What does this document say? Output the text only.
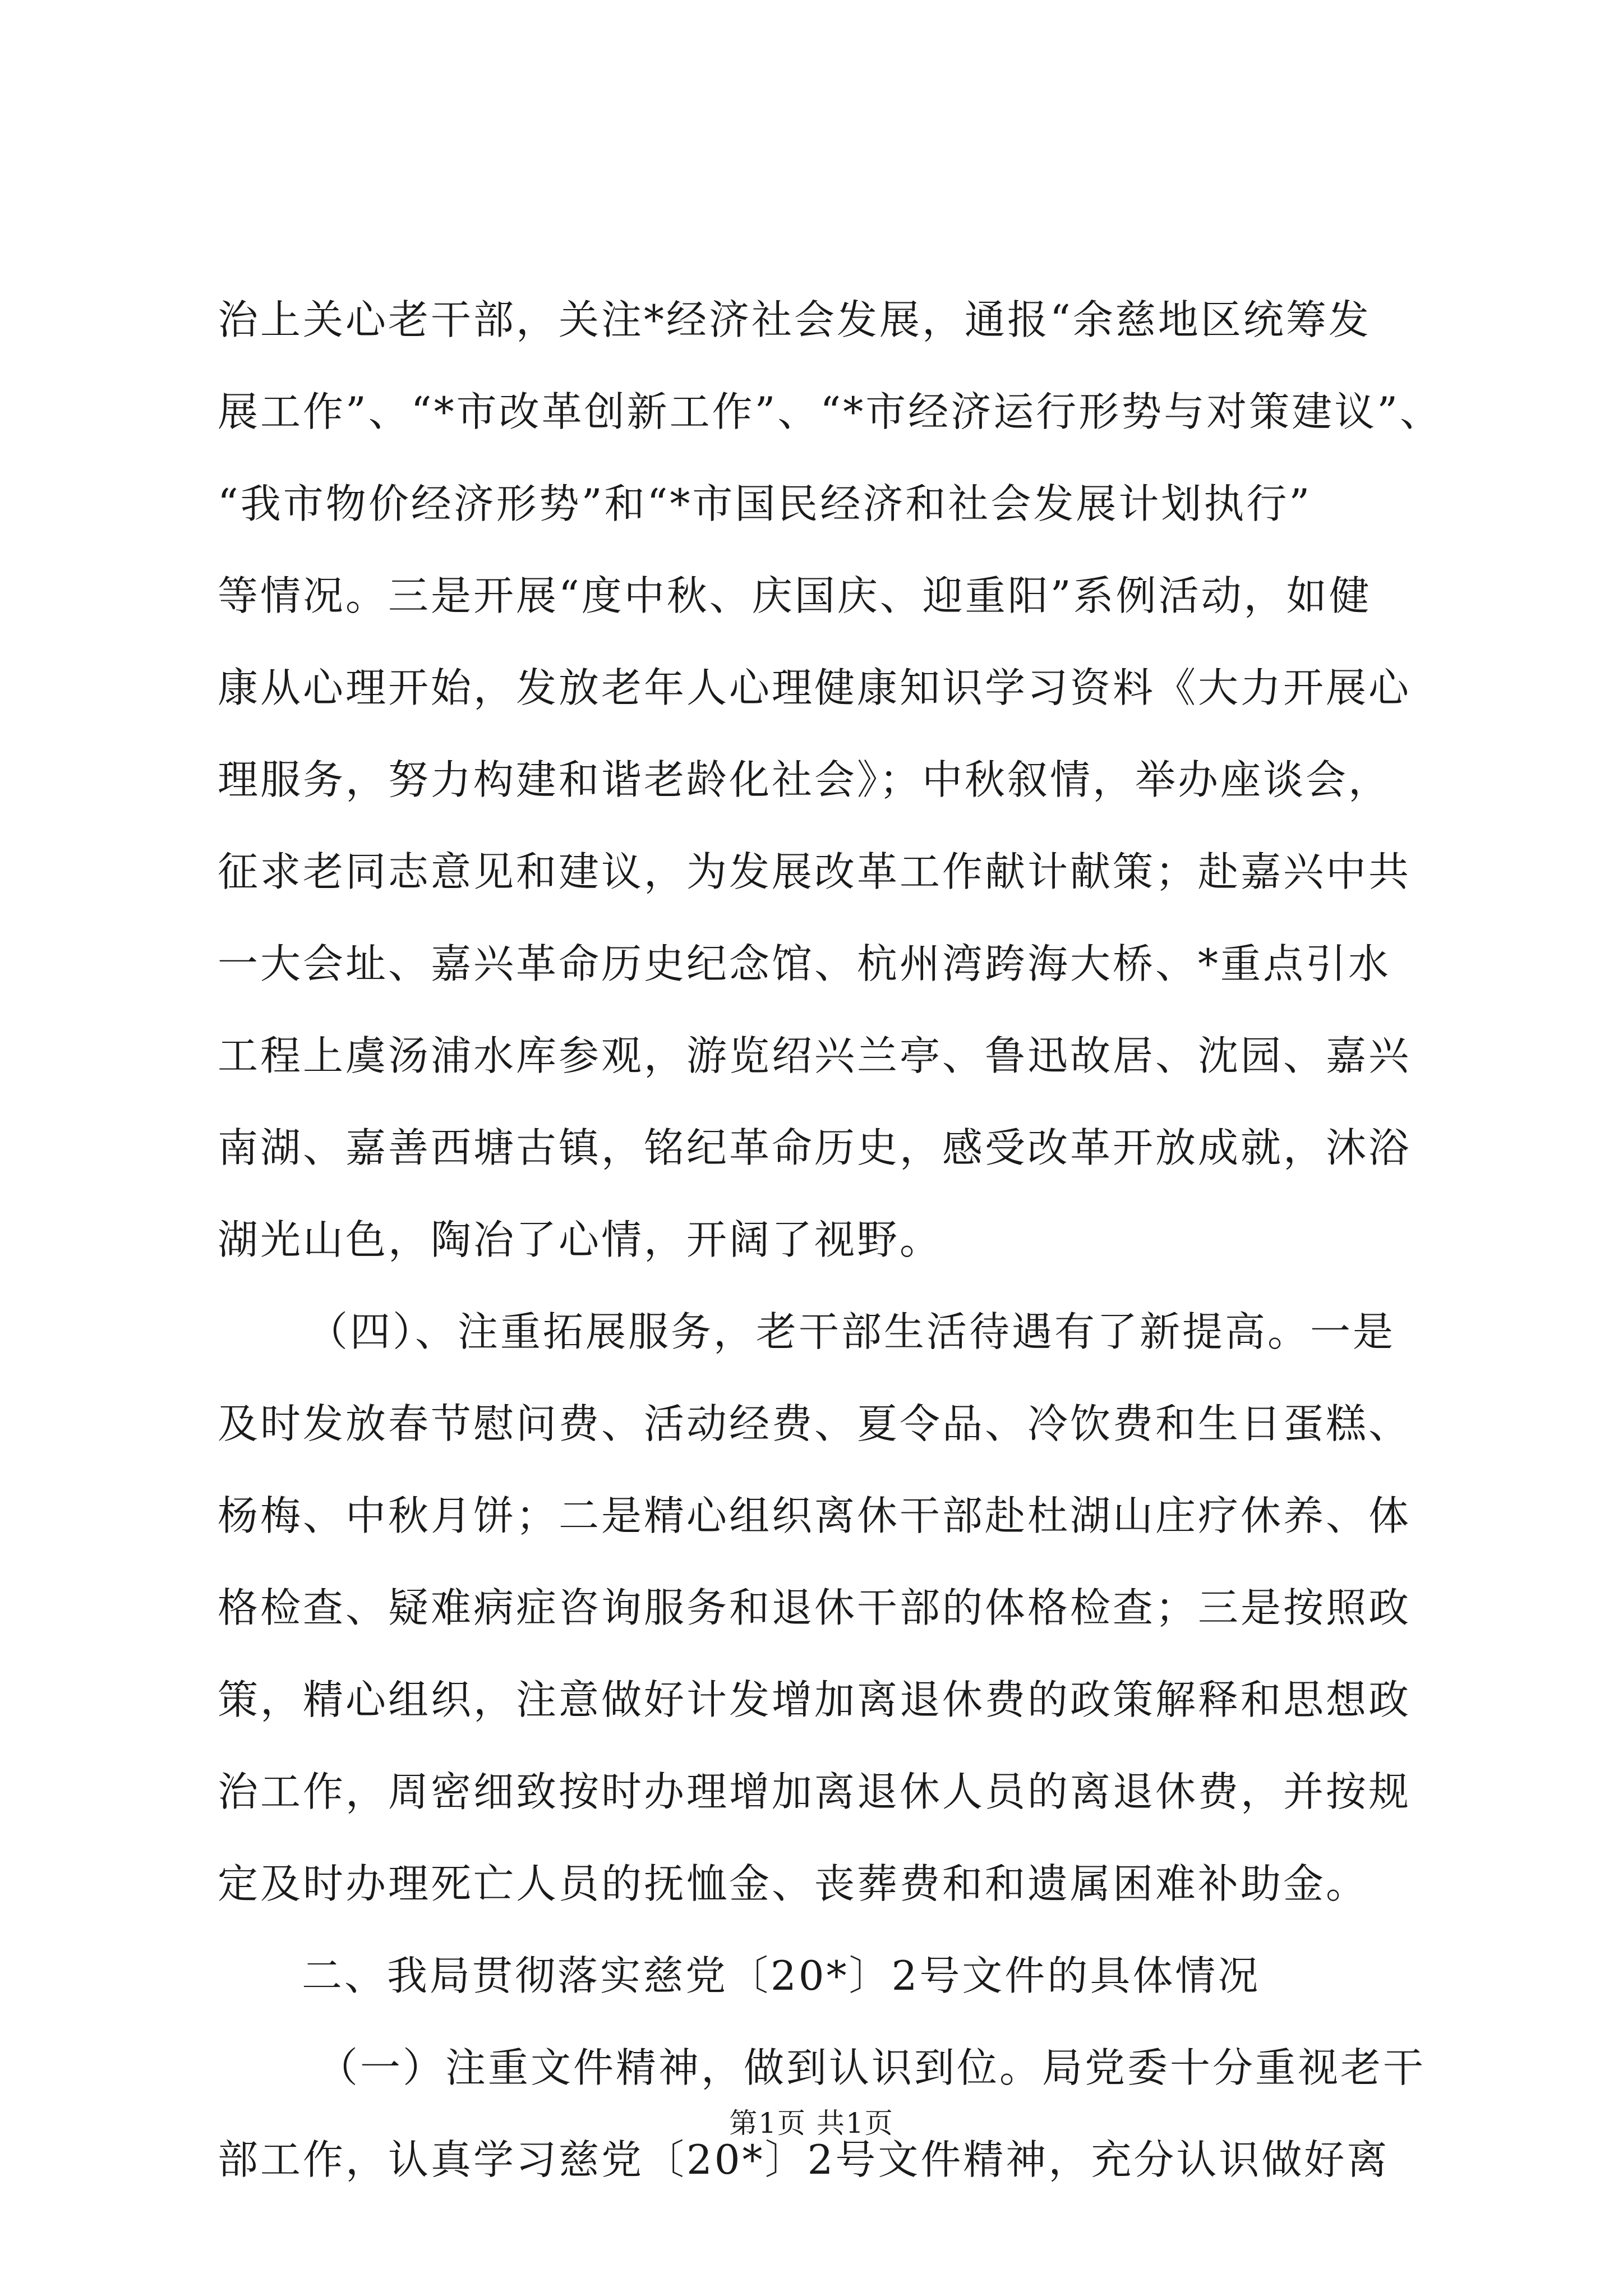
治上关心老干部，关注*经济社会发展，通报“余慈地区统筹发
展工作”、“*市改革创新工作”、“*市经济运行形势与对策建议”、
“我市物价经济形势”和“*市国民经济和社会发展计划执行”
等情况。三是开展“度中秋、庆国庆、迎重阳”系例活动，如健
康从心理开始，发放老年人心理健康知识学习资料《大力开展心
理服务，努力构建和谐老龄化社会》；中秋叙情，举办座谈会，
征求老同志意见和建议，为发展改革工作献计献策；赴嘉兴中共
一大会址、嘉兴革命历史纪念馆、杭州湾跨海大桥、*重点引水
工程上虞汤浦水库参观，游览绍兴兰亭、鲁迅故居、沈园、嘉兴
南湖、嘉善西塘古镇，铭纪革命历史，感受改革开放成就，沐浴
湖光山色，陶冶了心情，开阔了视野。
（四）、注重拓展服务，老干部生活待遇有了新提高。一是
及时发放春节慰问费、活动经费、夏令品、冷饮费和生日蛋糕、
杨梅、中秋月饼；二是精心组织离休干部赴杜湖山庄疗休养、体
格检查、疑难病症咨询服务和退休干部的体格检查；三是按照政
策，精心组织，注意做好计发增加离退休费的政策解释和思想政
治工作，周密细致按时办理增加离退休人员的离退休费，并按规
定及时办理死亡人员的抚恤金、丧葬费和和遗属困难补助金。
二、我局贯彻落实慈党〔20*〕2号文件的具体情况
（一）注重文件精神，做到认识到位。局党委十分重视老干
部工作，认真学习慈党〔20*〕2号文件精神，充分认识做好离
第1页 共1页
